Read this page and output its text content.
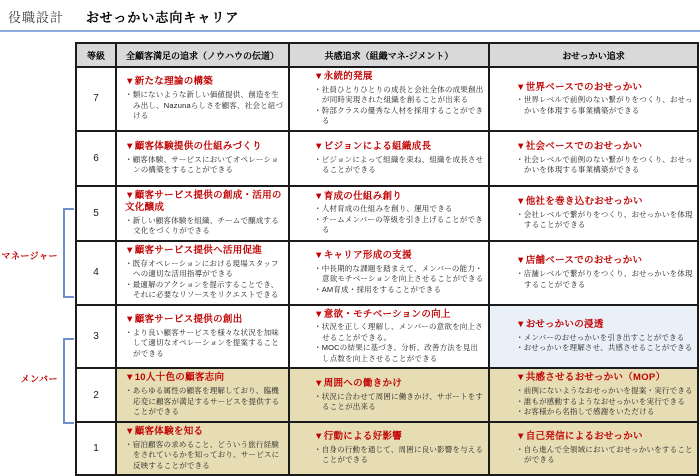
役職設計 おせっかい志向キャリア
マネージャー
メンバー
等級	全顧客満足の追求（ノウハウの伝道）	共感追求（組織マネ-ジメント）	おせっかい追求
7	
▼新たな理論の構築
・類にないような新しい価値提供、創造を生み出し、Nazunaらしさを顧客、社会と紐づける

▼永続的発展
・社員ひとりひとりの成長と会社全体の成果創出が同時実現された組織を創ることが出来る
・幹部クラスの優秀な人材を採用することができる

▼世界ベースでのおせっかい
・世界レベルで前例のない繋がりをつくり、おせっかいを体現する事業構築ができる

6	
▼顧客体験提供の仕組みづくり
・顧客体験、サービスにおいてオペレーションの構築をすることができる

▼ビジョンによる組織成長
・ビジョンによって組織を束ね、組織を成長させることができる

▼社会ベースでのおせっかい
・社会レベルで前例のない繋がりをつくり、おせっかいを体現する事業構築ができる

5	
▼顧客サービス提供の創成・活用の文化醸成
・新しい顧客体験を組織、チームで醸成する文化をづくりができる

▼育成の仕組み創り
・人材育成の仕組みを創り、運用できる
・チームメンバーの等級を引き上げることができる

▼他社を巻き込むおせっかい
・会社レベルで繋がりをつくり、おせっかいを体現することができる

4	
▼顧客サービス提供へ活用促進
・既存オペレーションにおける現場スタッフへの適切な活用指導ができる
・最適解のアクションを提示することでき、それに必要なリソースをリクエストできる

▼キャリア形成の支援
・中長期的な課題を踏まえて、メンバーの能力・意欲モチベーションを向上させることができる
・AM育成・採用をすることができる

▼店舗ベースでのおせっかい
・店舗レベルで繋がりをつくり、おせっかいを体現することができる

3	
▼顧客サービス提供の創出
・より良い顧客サービスを様々な状況を加味して適切なオペレーションを提案することができる

▼意欲・モチベーションの向上
・状況を正しく理解し、メンバーの意欲を向上させることができる。
・MOCの結果に基づき、分析、改善方法を見出し点数を向上させることができる

▼おせっかいの浸透
・メンバーのおせっかいを引き出すことができる
・おせっかいを理解させ、共感させることができる

2	
▼10人十色の顧客志向
・あらゆる属性の顧客を理解しており、臨機応変に顧客が満足するサービスを提供することができる

▼周囲への働きかけ
・状況に合わせて周囲に働きかけ、サポートをすることが出来る

▼共感させるおせっかい（MOP）
・前例にないようなおせっかいを提案・実行できる
・誰もが感動するようなおせっかいを実行できる
・お客様から名指しで感謝をいただける

1	
▼顧客体験を知る
・宿泊顧客の求めること、どういう旅行経験をされているかを知っており、サービスに反映することができる

▼行動による好影響
・自身の行動を通じて、周囲に良い影響を与えることができる

▼自己発信によるおせっかい
・自ら進んで全領域においておせっかいをすることができる
